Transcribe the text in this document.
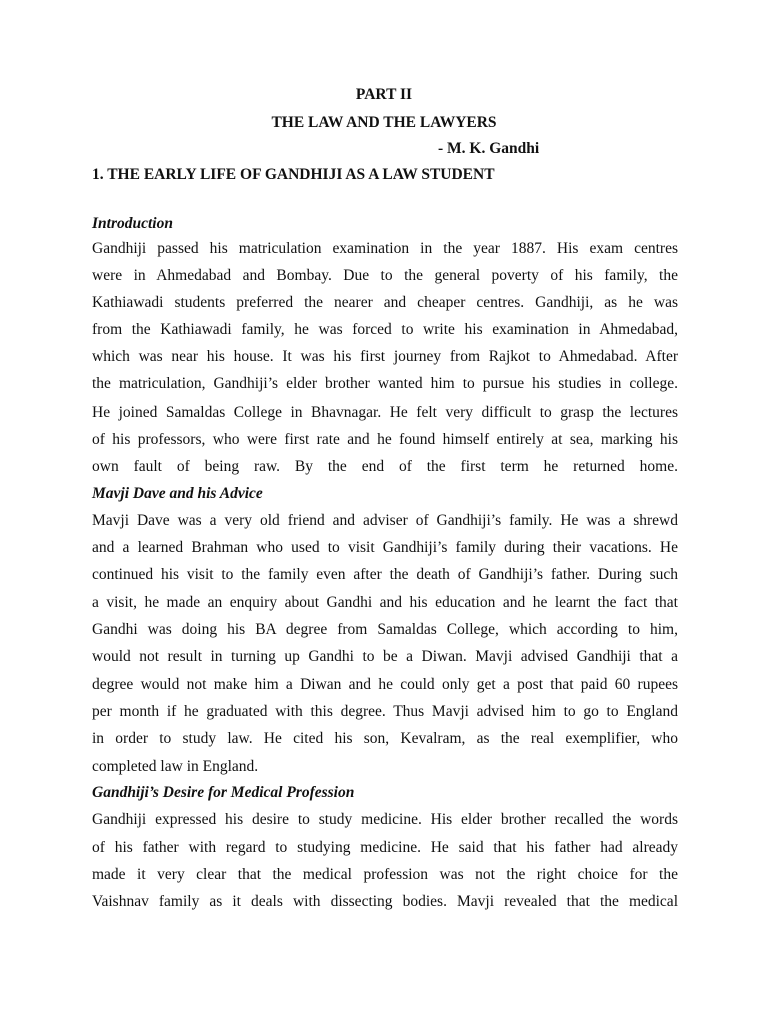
PART II
THE LAW AND THE LAWYERS
- M. K. Gandhi
1. THE EARLY LIFE OF GANDHIJI AS A LAW STUDENT
Introduction
Gandhiji passed his matriculation examination in the year 1887. His exam centres
were in Ahmedabad and Bombay. Due to the general poverty of his family, the
Kathiawadi students preferred the nearer and cheaper centres. Gandhiji, as he was
from the Kathiawadi family, he was forced to write his examination in Ahmedabad,
which was near his house. It was his first journey from Rajkot to Ahmedabad. After
the matriculation, Gandhiji’s elder brother wanted him to pursue his studies in college.
He joined Samaldas College in Bhavnagar. He felt very difficult to grasp the lectures
of his professors, who were first rate and he found himself entirely at sea, marking his
own fault of being raw. By the end of the first term he returned home.
Mavji Dave and his Advice
Mavji Dave was a very old friend and adviser of Gandhiji’s family. He was a shrewd
and a learned Brahman who used to visit Gandhiji’s family during their vacations. He
continued his visit to the family even after the death of Gandhiji’s father. During such
a visit, he made an enquiry about Gandhi and his education and he learnt the fact that
Gandhi was doing his BA degree from Samaldas College, which according to him,
would not result in turning up Gandhi to be a Diwan. Mavji advised Gandhiji that a
degree would not make him a Diwan and he could only get a post that paid 60 rupees
per month if he graduated with this degree. Thus Mavji advised him to go to England
in order to study law. He cited his son, Kevalram, as the real exemplifier, who
completed law in England.
Gandhiji’s Desire for Medical Profession
Gandhiji expressed his desire to study medicine. His elder brother recalled the words
of his father with regard to studying medicine. He said that his father had already
made it very clear that the medical profession was not the right choice for the
Vaishnav family as it deals with dissecting bodies. Mavji revealed that the medical
